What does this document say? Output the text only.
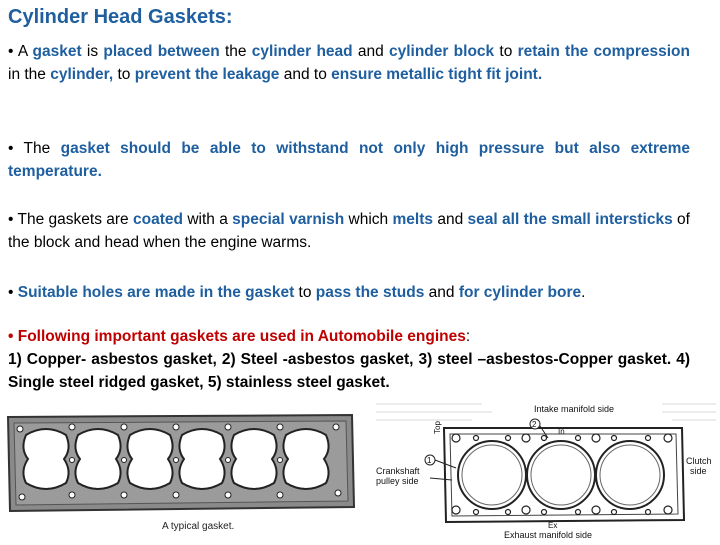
Cylinder Head Gaskets:
• A gasket is placed between the cylinder head and cylinder block to retain the compression in the cylinder, to prevent the leakage and to ensure metallic tight fit joint.
• The gasket should be able to withstand not only high pressure but also extreme temperature.
• The gaskets are coated with a special varnish which melts and seal all the small intersticks of the block and head when the engine warms.
• Suitable holes are made in the gasket to pass the studs and for cylinder bore.
• Following important gaskets are used in Automobile engines:
1) Copper- asbestos gasket, 2) Steel -asbestos gasket, 3) steel –asbestos-Copper gasket. 4) Single steel ridged gasket, 5) stainless steel gasket.
A typical gasket.
Intake manifold side
2
In
1
Top
Crankshaft
pulley side
Clutch
side
Ex
Exhaust manifold side
